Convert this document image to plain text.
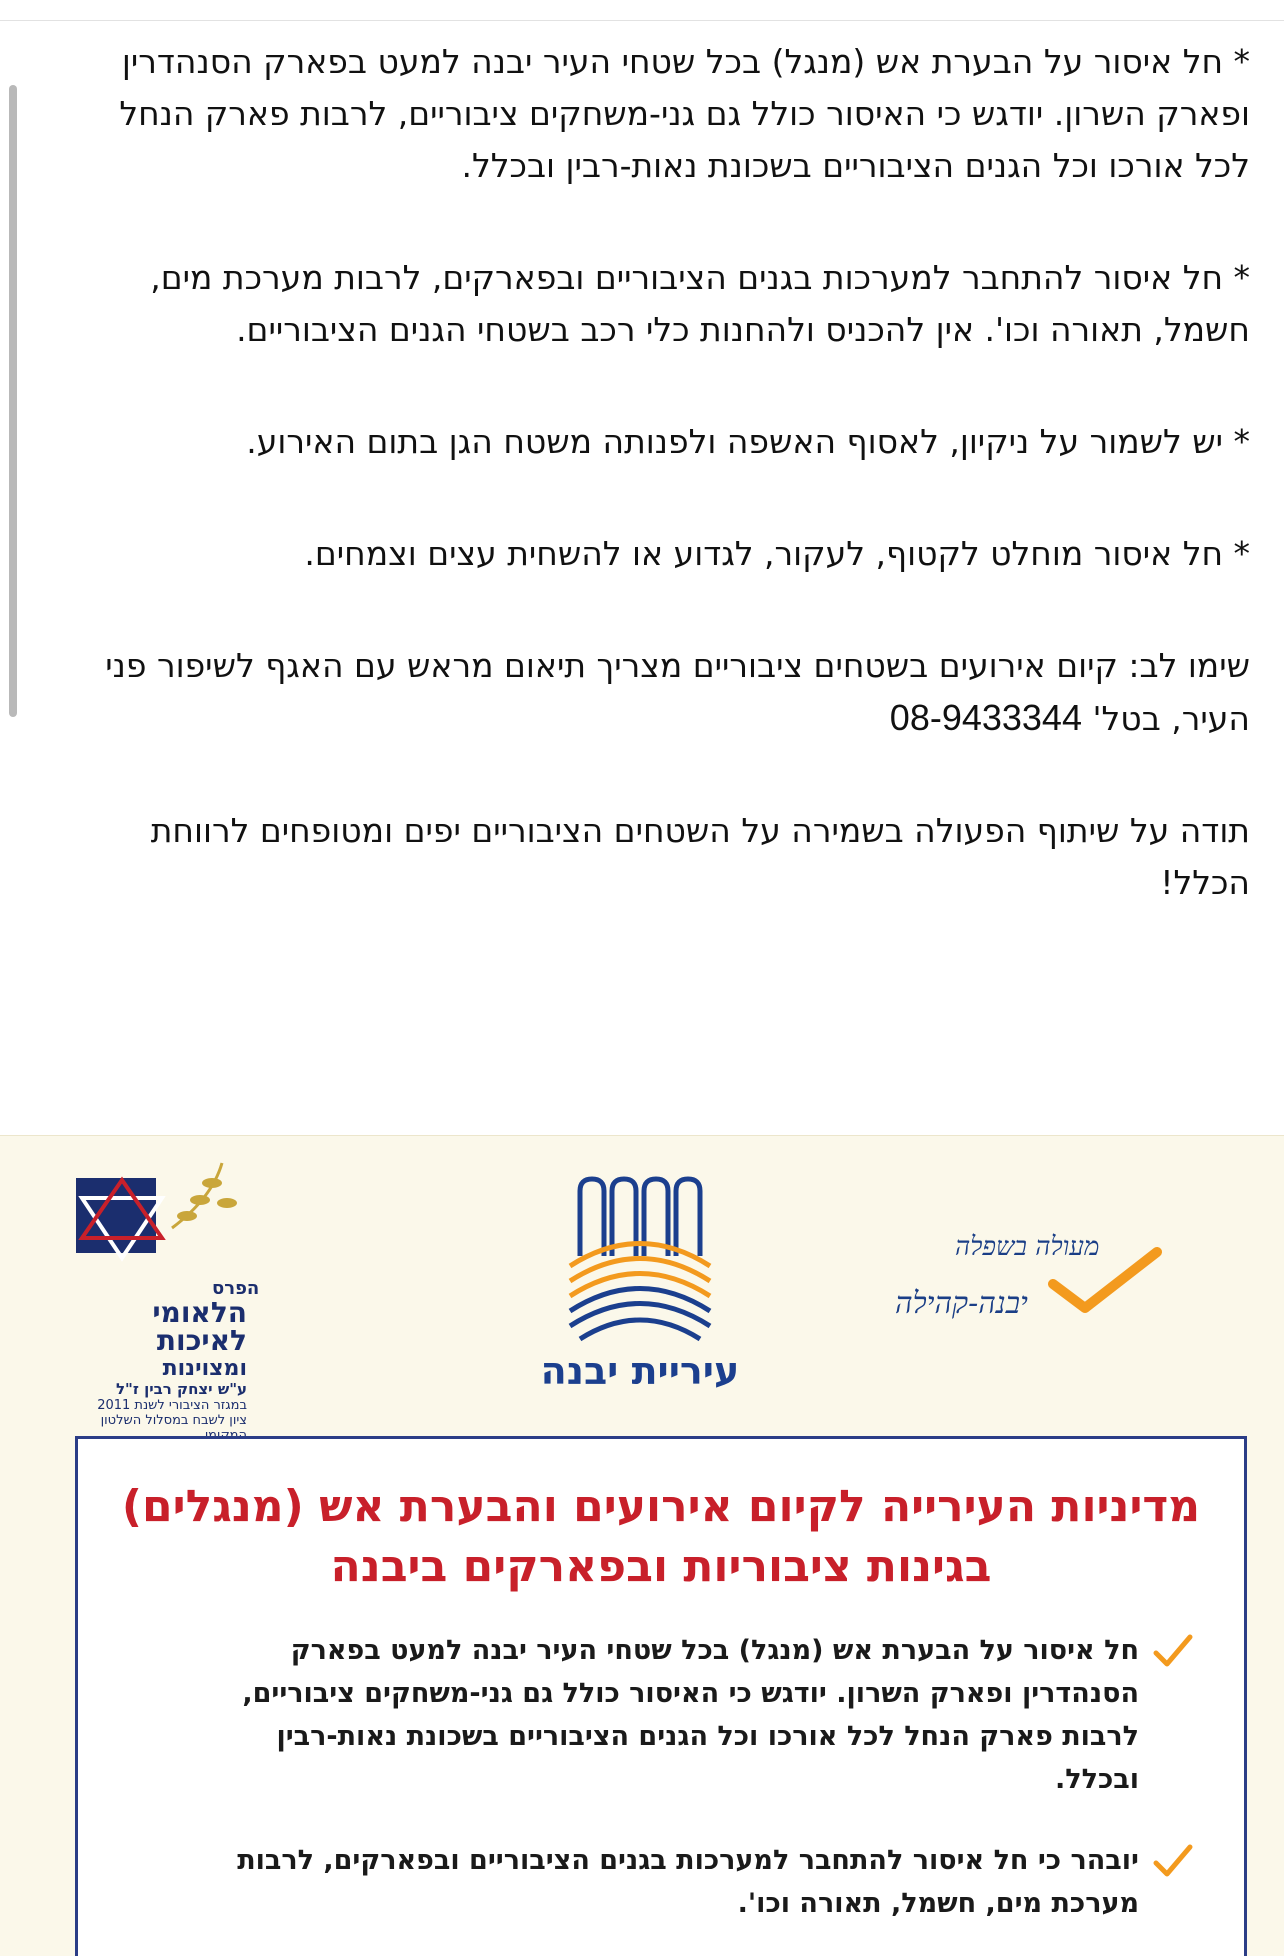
* חל איסור על הבערת אש (מנגל) בכל שטחי העיר יבנה למעט בפארק הסנהדרין ופארק השרון. יודגש כי האיסור כולל גם גני-משחקים ציבוריים, לרבות פארק הנחל לכל אורכו וכל הגנים הציבוריים בשכונת נאות-רבין ובכלל.

* חל איסור להתחבר למערכות בגנים הציבוריים ובפארקים, לרבות מערכת מים, חשמל, תאורה וכו'. אין להכניס ולהחנות כלי רכב בשטחי הגנים הציבוריים.

* יש לשמור על ניקיון, לאסוף האשפה ולפנותה משטח הגן בתום האירוע.

* חל איסור מוחלט לקטוף, לעקור, לגדוע או להשחית עצים וצמחים.

שימו לב: קיום אירועים בשטחים ציבוריים מצריך תיאום מראש עם האגף לשיפור פני העיר, בטל' 08-9433344

תודה על שיתוף הפעולה בשמירה על השטחים הציבוריים יפים ומטופחים לרווחת הכלל!

מעולה בשפלה
יבנה-קהילה
עיריית יבנה
הפרס
הלאומי
לאיכות
ומצוינות
ע"ש יצחק רבין ז"ל
במגזר הציבורי לשנת 2011
ציון לשבח במסלול השלטון
מדיניות העירייה לקיום אירועים והבערת אש (מנגלים)
בגינות ציבוריות ובפארקים ביבנה
חל איסור על הבערת אש (מנגל) בכל שטחי העיר יבנה למעט בפארק הסנהדרין ופארק השרון. יודגש כי האיסור כולל גם גני-משחקים ציבוריים, לרבות פארק הנחל לכל אורכו וכל הגנים הציבוריים בשכונת נאות-רבין ובכלל.
יובהר כי חל איסור להתחבר למערכות בגנים הציבוריים ובפארקים, לרבות מערכת מים, חשמל, תאורה וכו'.
